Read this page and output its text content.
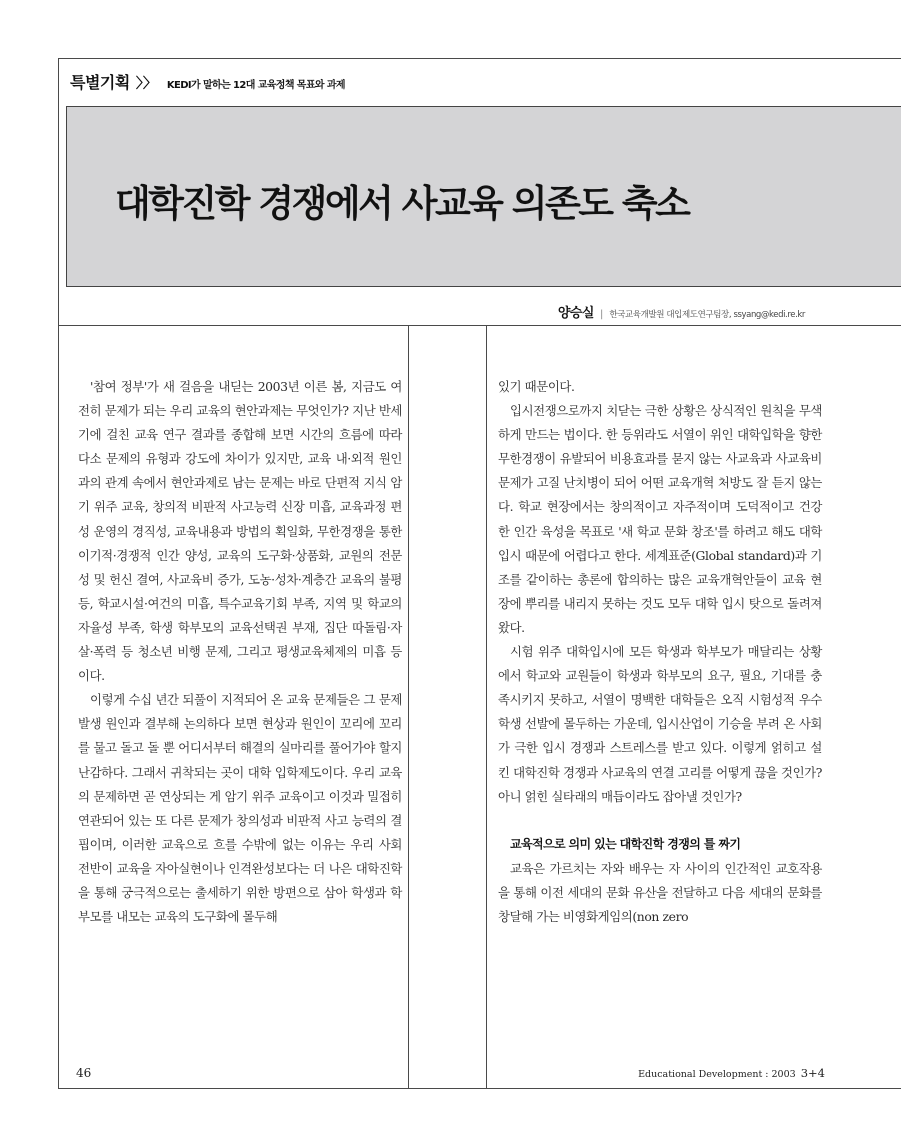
특별기획 〉〉 KEDI가 말하는 12대 교육정책 목표와 과제
대학진학 경쟁에서 사교육 의존도 축소
양승실 | 한국교육개발원 대입제도연구팀장, ssyang@kedi.re.kr

'참여 정부'가 새 걸음을 내딛는 2003년 이른 봄, 지금도 여전히 문제가 되는 우리 교육의 현안과제는 무엇인가? 지난 반세기에 걸친 교육 연구 결과를 종합해 보면 시간의 흐름에 따라 다소 문제의 유형과 강도에 차이가 있지만, 교육 내·외적 원인과의 관계 속에서 현안과제로 남는 문제는 바로 단편적 지식 암기 위주 교육, 창의적 비판적 사고능력 신장 미흡, 교육과정 편성 운영의 경직성, 교육내용과 방법의 획일화, 무한경쟁을 통한 이기적·경쟁적 인간 양성, 교육의 도구화·상품화, 교원의 전문성 및 헌신 결여, 사교육비 증가, 도농·성차·계층간 교육의 불평등, 학교시설·여건의 미흡, 특수교육기회 부족, 지역 및 학교의 자율성 부족, 학생 학부모의 교육선택권 부재, 집단 따돌림·자살·폭력 등 청소년 비행 문제, 그리고 평생교육체제의 미흡 등이다.

이렇게 수십 년간 되풀이 지적되어 온 교육 문제들은 그 문제 발생 원인과 결부해 논의하다 보면 현상과 원인이 꼬리에 꼬리를 물고 돌고 돌 뿐 어디서부터 해결의 실마리를 풀어가야 할지 난감하다. 그래서 귀착되는 곳이 대학 입학제도이다. 우리 교육의 문제하면 곧 연상되는 게 암기 위주 교육이고 이것과 밀접히 연관되어 있는 또 다른 문제가 창의성과 비판적 사고 능력의 결핍이며, 이러한 교육으로 흐를 수밖에 없는 이유는 우리 사회 전반이 교육을 자아실현이나 인격완성보다는 더 나은 대학진학을 통해 궁극적으로는 출세하기 위한 방편으로 삼아 학생과 학부모를 내모는 교육의 도구화에 몰두해

있기 때문이다.

입시전쟁으로까지 치닫는 극한 상황은 상식적인 원칙을 무색하게 만드는 법이다. 한 등위라도 서열이 위인 대학입학을 향한 무한경쟁이 유발되어 비용효과를 묻지 않는 사교육과 사교육비 문제가 고질 난치병이 되어 어떤 교육개혁 처방도 잘 듣지 않는다. 학교 현장에서는 창의적이고 자주적이며 도덕적이고 건강한 인간 육성을 목표로 '새 학교 문화 창조'를 하려고 해도 대학입시 때문에 어렵다고 한다. 세계표준(Global standard)과 기조를 같이하는 총론에 합의하는 많은 교육개혁안들이 교육 현장에 뿌리를 내리지 못하는 것도 모두 대학 입시 탓으로 돌려져 왔다.

시험 위주 대학입시에 모든 학생과 학부모가 매달리는 상황에서 학교와 교원들이 학생과 학부모의 요구, 필요, 기대를 충족시키지 못하고, 서열이 명백한 대학들은 오직 시험성적 우수학생 선발에 몰두하는 가운데, 입시산업이 기승을 부려 온 사회가 극한 입시 경쟁과 스트레스를 받고 있다. 이렇게 얽히고 설킨 대학진학 경쟁과 사교육의 연결 고리를 어떻게 끊을 것인가? 아니 얽힌 실타래의 매듭이라도 잡아낼 것인가?

교육적으로 의미 있는 대학진학 경쟁의 틀 짜기

교육은 가르치는 자와 배우는 자 사이의 인간적인 교호작용을 통해 이전 세대의 문화 유산을 전달하고 다음 세대의 문화를 창달해 가는 비영화게임의(non zero

46	Educational Development : 2003 3+4
